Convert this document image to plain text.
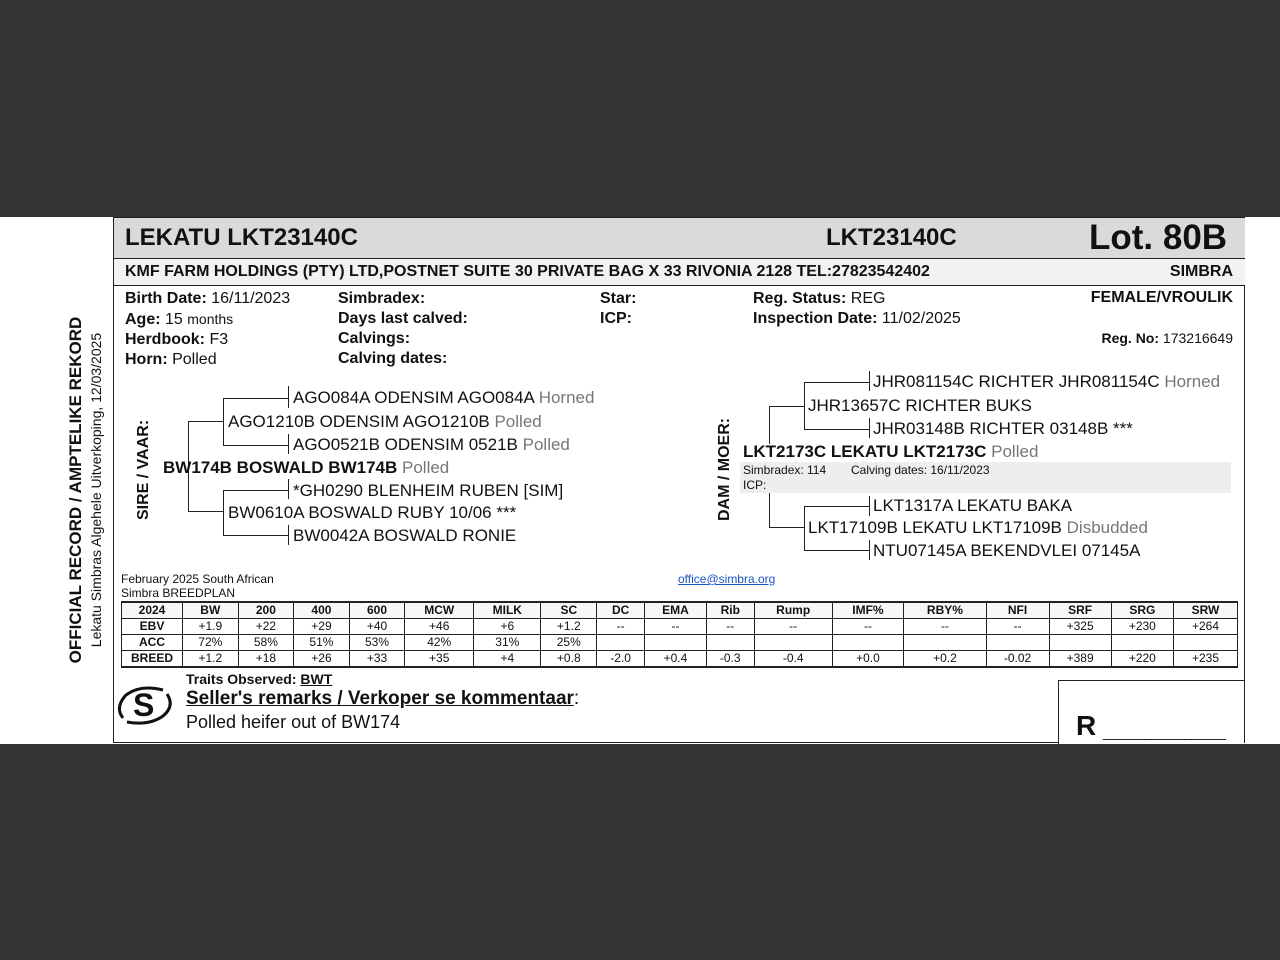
OFFICIAL RECORD / AMPTELIKE REKORD Lekatu Simbras Algehele Uitverkoping, 12/03/2025
LEKATU LKT23140C	LKT23140C	Lot. 80B
KMF FARM HOLDINGS (PTY) LTD,POSTNET SUITE 30 PRIVATE BAG X 33 RIVONIA 2128 TEL:27823542402	SIMBRA
Birth Date: 16/11/2023
Age: 15 months
Herdbook: F3
Horn: Polled
Simbradex:
Days last calved:
Calvings:
Calving dates:
Star:
ICP:
Reg. Status: REG
Inspection Date: 11/02/2025
FEMALE/VROULIK
Reg. No: 173216649
SIRE / VAAR:
AGO084A ODENSIM AGO084A Horned
AGO1210B ODENSIM AGO1210B Polled
AGO0521B ODENSIM 0521B Polled
BW174B BOSWALD BW174B Polled
*GH0290 BLENHEIM RUBEN [SIM]
BW0610A BOSWALD RUBY 10/06 ***
BW0042A BOSWALD RONIE
DAM / MOER:
JHR081154C RICHTER JHR081154C Horned
JHR13657C RICHTER BUKS
JHR03148B RICHTER 03148B ***
LKT2173C LEKATU LKT2173C Polled
Simbradex: 114 Calving dates: 16/11/2023
ICP:
LKT1317A LEKATU BAKA
LKT17109B LEKATU LKT17109B Disbudded
NTU07145A BEKENDVLEI 07145A
February 2025 South African
Simbra BREEDPLAN
office@simbra.org
2024	BW	200	400	600	MCW	MILK	SC	DC	EMA	Rib	Rump	IMF%	RBY%	NFI	SRF	SRG	SRW
EBV	+1.9	+22	+29	+40	+46	+6	+1.2	--	--	--	--	--	--	--	+325	+230	+264
ACC	72%	58%	51%	53%	42%	31%	25%										
BREED	+1.2	+18	+26	+33	+35	+4	+0.8	-2.0	+0.4	-0.3	-0.4	+0.0	+0.2	-0.02	+389	+220	+235
S
Traits Observed: BWT
Seller's remarks / Verkoper se kommentaar:
Polled heifer out of BW174	R __________________
